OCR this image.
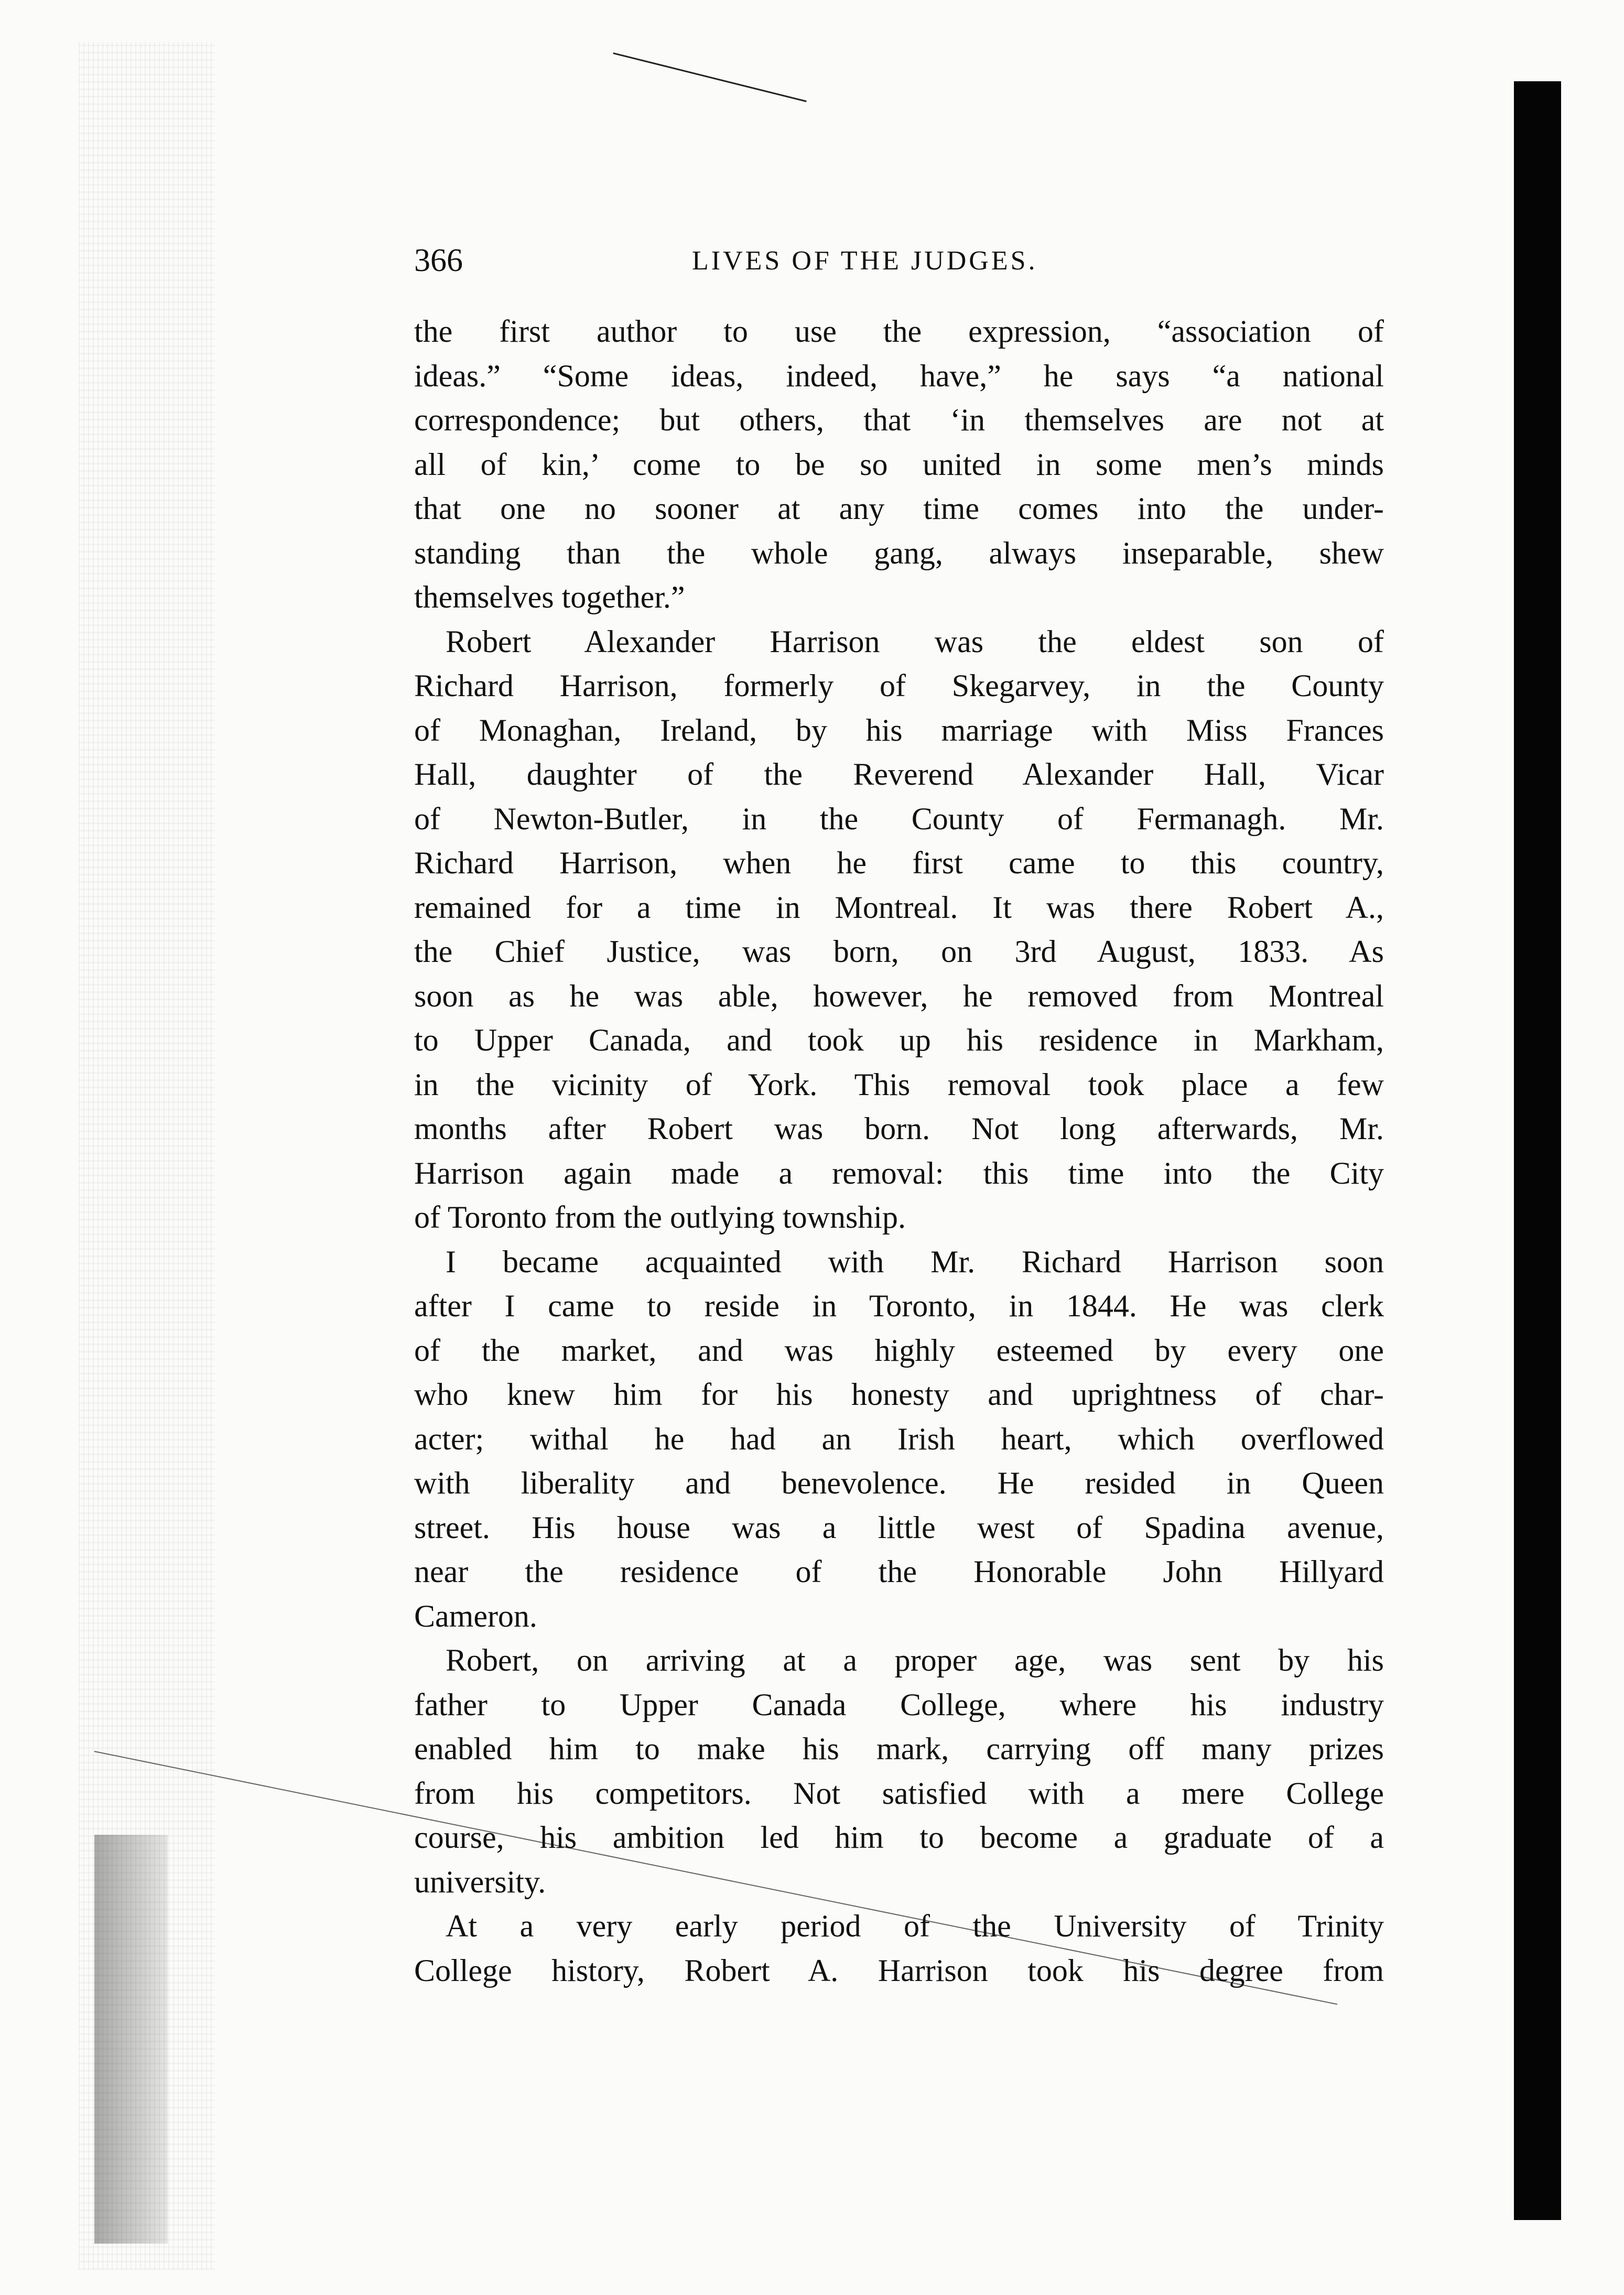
366	LIVES OF THE JUDGES.
the first author to use the expression, “association of
ideas.” “Some ideas, indeed, have,” he says “a national
correspondence; but others, that ‘in themselves are not at
all of kin,’ come to be so united in some men’s minds
that one no sooner at any time comes into the under-
standing than the whole gang, always inseparable, shew
themselves together.”
Robert Alexander Harrison was the eldest son of
Richard Harrison, formerly of Skegarvey, in the County
of Monaghan, Ireland, by his marriage with Miss Frances
Hall, daughter of the Reverend Alexander Hall, Vicar
of Newton-Butler, in the County of Fermanagh. Mr.
Richard Harrison, when he first came to this country,
remained for a time in Montreal. It was there Robert A.,
the Chief Justice, was born, on 3rd August, 1833. As
soon as he was able, however, he removed from Montreal
to Upper Canada, and took up his residence in Markham,
in the vicinity of York. This removal took place a few
months after Robert was born. Not long afterwards, Mr.
Harrison again made a removal: this time into the City
of Toronto from the outlying township.
I became acquainted with Mr. Richard Harrison soon
after I came to reside in Toronto, in 1844. He was clerk
of the market, and was highly esteemed by every one
who knew him for his honesty and uprightness of char-
acter; withal he had an Irish heart, which overflowed
with liberality and benevolence. He resided in Queen
street. His house was a little west of Spadina avenue,
near the residence of the Honorable John Hillyard
Cameron.
Robert, on arriving at a proper age, was sent by his
father to Upper Canada College, where his industry
enabled him to make his mark, carrying off many prizes
from his competitors. Not satisfied with a mere College
course, his ambition led him to become a graduate of a
university.
At a very early period of the University of Trinity
College history, Robert A. Harrison took his degree from
